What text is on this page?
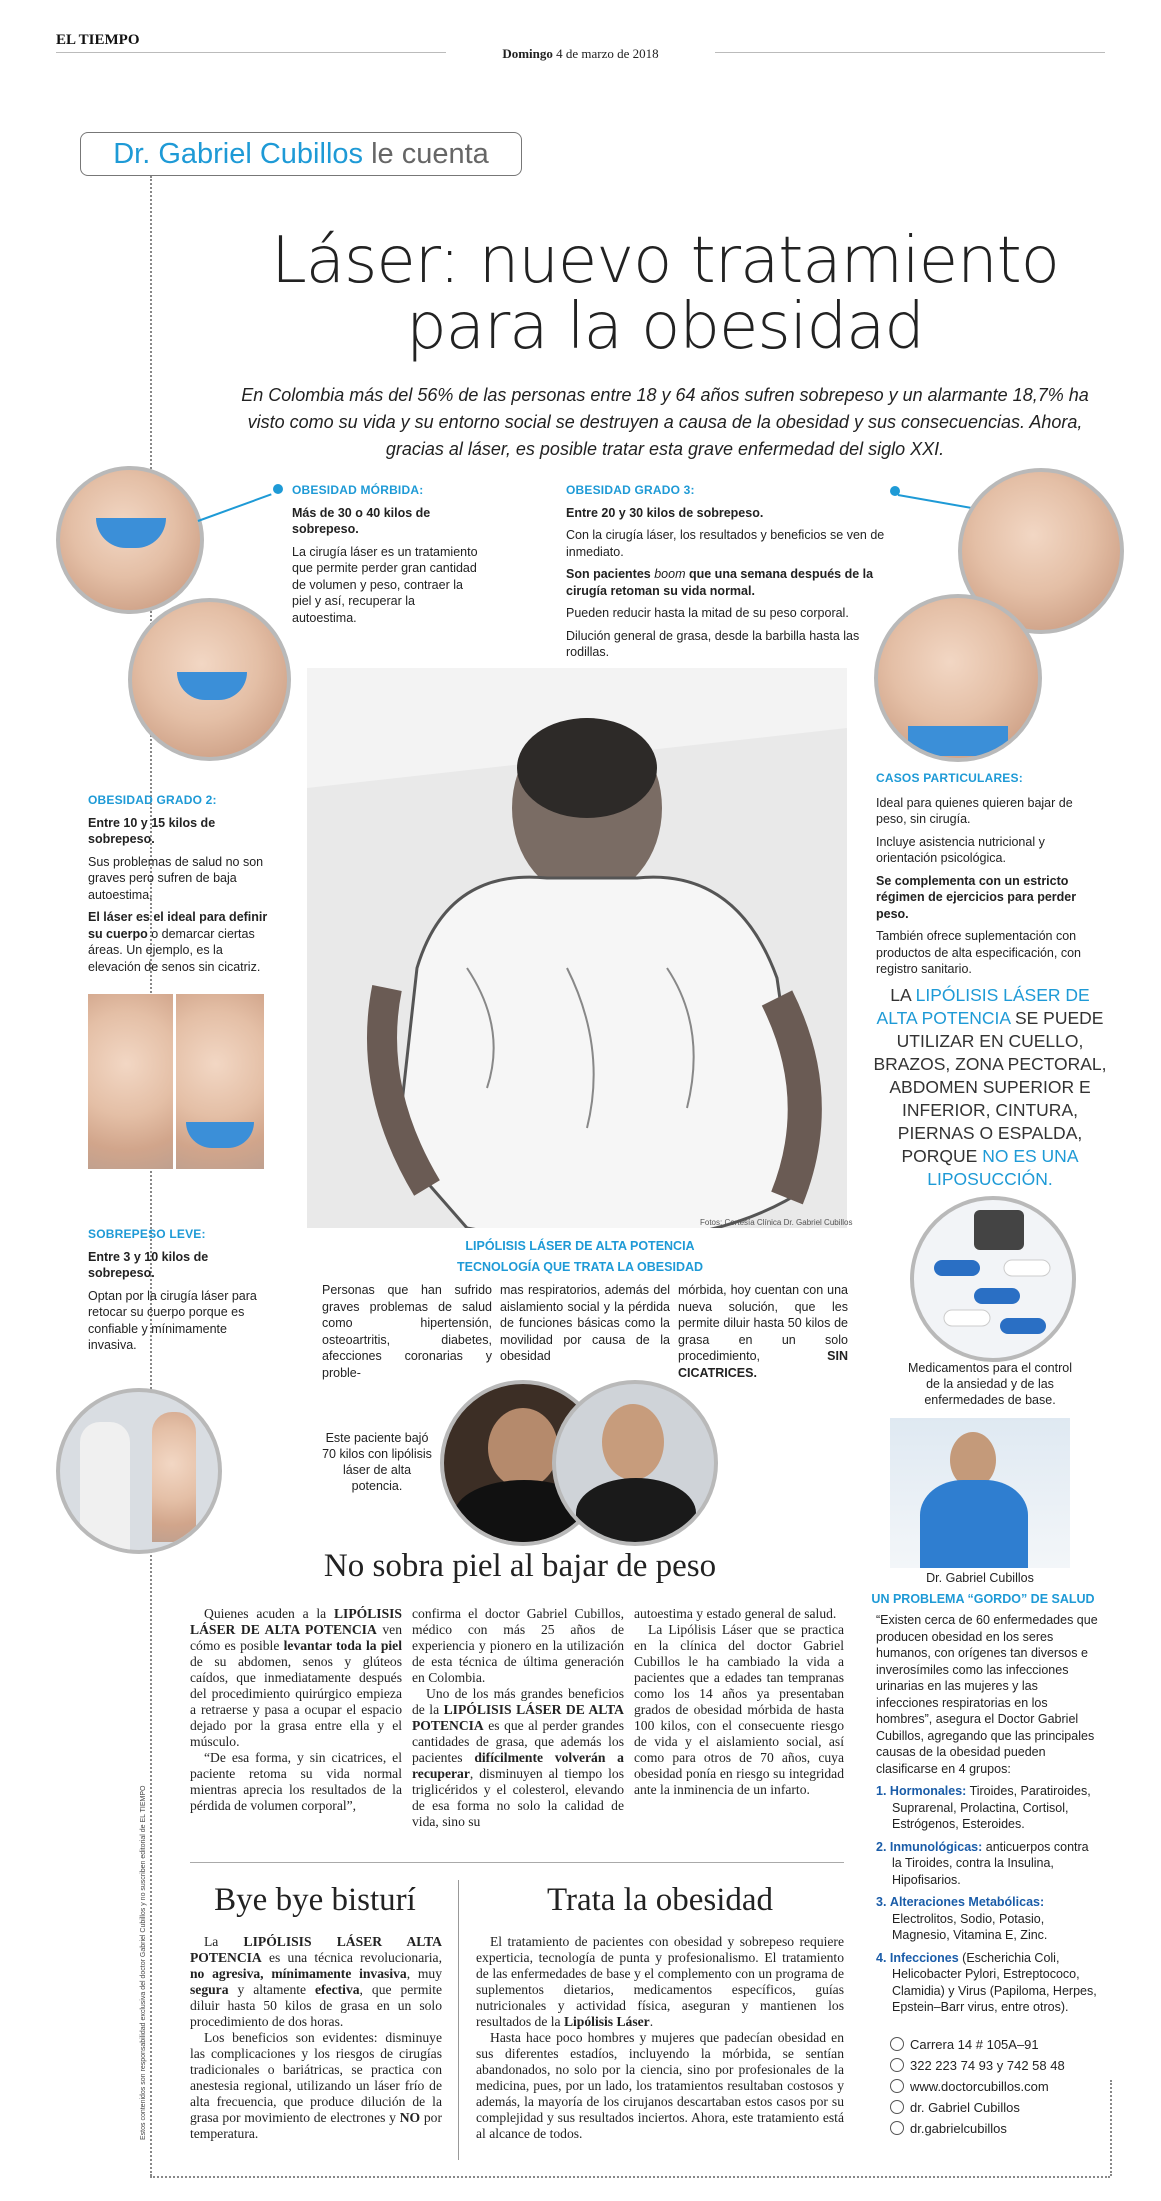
EL TIEMPO
Domingo 4 de marzo de 2018
Dr. Gabriel Cubillos le cuenta
Láser: nuevo tratamiento
para la obesidad
En Colombia más del 56% de las personas entre 18 y 64 años sufren sobrepeso y un alarmante 18,7% ha visto como su vida y su entorno social se destruyen a causa de la obesidad y sus consecuencias. Ahora, gracias al láser, es posible tratar esta grave enfermedad del siglo XXI.
OBESIDAD MÓRBIDA:

Más de 30 o 40 kilos de sobrepeso.

La cirugía láser es un tratamiento que permite perder gran cantidad de volumen y peso, contraer la piel y así, recuperar la autoestima.

OBESIDAD GRADO 3:

Entre 20 y 30 kilos de sobrepeso.

Con la cirugía láser, los resultados y beneficios se ven de inmediato.

Son pacientes boom que una semana después de la cirugía retoman su vida normal.

Pueden reducir hasta la mitad de su peso corporal.

Dilución general de grasa, desde la barbilla hasta las rodillas.

Fotos: Cortesía Clínica Dr. Gabriel Cubillos
OBESIDAD GRADO 2:

Entre 10 y 15 kilos de sobrepeso.

Sus problemas de salud no son graves pero sufren de baja autoestima.

El láser es el ideal para definir su cuerpo o demarcar ciertas áreas. Un ejemplo, es la elevación de senos sin cicatriz.

SOBREPESO LEVE:

Entre 3 y 10 kilos de sobrepeso.

Optan por la cirugía láser para retocar su cuerpo porque es confiable y mínimamente invasiva.

CASOS PARTICULARES:

Ideal para quienes quieren bajar de peso, sin cirugía.

Incluye asistencia nutricional y orientación psicológica.

Se complementa con un estricto régimen de ejercicios para perder peso.

También ofrece suplementación con productos de alta especificación, con registro sanitario.

LA LIPÓLISIS LÁSER DE ALTA POTENCIA SE PUEDE UTILIZAR EN CUELLO, BRAZOS, ZONA PECTORAL, ABDOMEN SUPERIOR E INFERIOR, CINTURA, PIERNAS O ESPALDA, PORQUE NO ES UNA LIPOSUCCIÓN.
Medicamentos para el control de la ansiedad y de las enfermedades de base.
LIPÓLISIS LÁSER DE ALTA POTENCIA
TECNOLOGÍA QUE TRATA LA OBESIDAD
Personas que han sufrido graves problemas de salud como hipertensión, osteoartritis, diabetes, afecciones coronarias y proble-
mas respiratorios, además del aislamiento social y la pérdida de funciones básicas como la movilidad por causa de la obesidad
mórbida, hoy cuentan con una nueva solución, que les permite diluir hasta 50 kilos de grasa en un solo procedimiento, SIN CICATRICES.
Este paciente bajó 70 kilos con lipólisis láser de alta potencia.
Dr. Gabriel Cubillos
No sobra piel al bajar de peso

Quienes acuden a la LIPÓLISIS LÁSER DE ALTA POTENCIA ven cómo es posible levantar toda la piel de su abdomen, senos y glúteos caídos, que inmediatamente después del procedimiento quirúrgico empieza a retraerse y pasa a ocupar el espacio dejado por la grasa entre ella y el músculo.

“De esa forma, y sin cicatrices, el paciente retoma su vida normal mientras aprecia los resultados de la pérdida de volumen corporal”,

confirma el doctor Gabriel Cubillos, médico con más 25 años de experiencia y pionero en la utilización de esta técnica de última generación en Colombia.

Uno de los más grandes beneficios de la LIPÓLISIS LÁSER DE ALTA POTENCIA es que al perder grandes cantidades de grasa, que además los pacientes difícilmente volverán a recuperar, disminuyen al tiempo los triglicéridos y el colesterol, elevando de esa forma no solo la calidad de vida, sino su

autoestima y estado general de salud.

La Lipólisis Láser que se practica en la clínica del doctor Gabriel Cubillos le ha cambiado la vida a pacientes que a edades tan tempranas como los 14 años ya presentaban grados de obesidad mórbida de hasta 100 kilos, con el consecuente riesgo de vida y el aislamiento social, así como para otros de 70 años, cuya obesidad ponía en riesgo su integridad ante la inminencia de un infarto.

Bye bye bisturí

La LIPÓLISIS LÁSER ALTA POTENCIA es una técnica revolucionaria, no agresiva, mínimamente invasiva, muy segura y altamente efectiva, que permite diluir hasta 50 kilos de grasa en un solo procedimiento de dos horas.

Los beneficios son evidentes: disminuye las complicaciones y los riesgos de cirugías tradicionales o bariátricas, se practica con anestesia regional, utilizando un láser frío de alta frecuencia, que produce dilución de la grasa por movimiento de electrones y NO por temperatura.

Trata la obesidad

El tratamiento de pacientes con obesidad y sobrepeso requiere experticia, tecnología de punta y profesionalismo. El tratamiento de las enfermedades de base y el complemento con un programa de suplementos dietarios, medicamentos específicos, guías nutricionales y actividad física, aseguran y mantienen los resultados de la Lipólisis Láser.

Hasta hace poco hombres y mujeres que padecían obesidad en sus diferentes estadíos, incluyendo la mórbida, se sentían abandonados, no solo por la ciencia, sino por profesionales de la medicina, pues, por un lado, los tratamientos resultaban costosos y además, la mayoría de los cirujanos descartaban estos casos por su complejidad y sus resultados inciertos. Ahora, este tratamiento está al alcance de todos.

UN PROBLEMA “GORDO” DE SALUD

“Existen cerca de 60 enfermedades que producen obesidad en los seres humanos, con orígenes tan diversos e inverosímiles como las infecciones urinarias en las mujeres y las infecciones respiratorias en los hombres”, asegura el Doctor Gabriel Cubillos, agregando que las principales causas de la obesidad pueden clasificarse en 4 grupos:

1. Hormonales: Tiroides, Paratiroides, Suprarenal, Prolactina, Cortisol, Estrógenos, Esteroides.
2. Inmunológicas: anticuerpos contra la Tiroides, contra la Insulina, Hipofisarios.
3. Alteraciones Metabólicas: Electrolitos, Sodio, Potasio, Magnesio, Vitamina E, Zinc.
4. Infecciones (Escherichia Coli, Helicobacter Pylori, Estreptococo, Clamidia) y Virus (Papiloma, Herpes, Epstein–Barr virus, entre otros).
Carrera 14 # 105A–91
322 223 74 93 y 742 58 48
www.doctorcubillos.com
dr. Gabriel Cubillos
dr.gabrielcubillos
Estos contenidos son responsabilidad exclusiva del doctor Gabriel Cubillos y no suscriben editorial de EL TIEMPO
